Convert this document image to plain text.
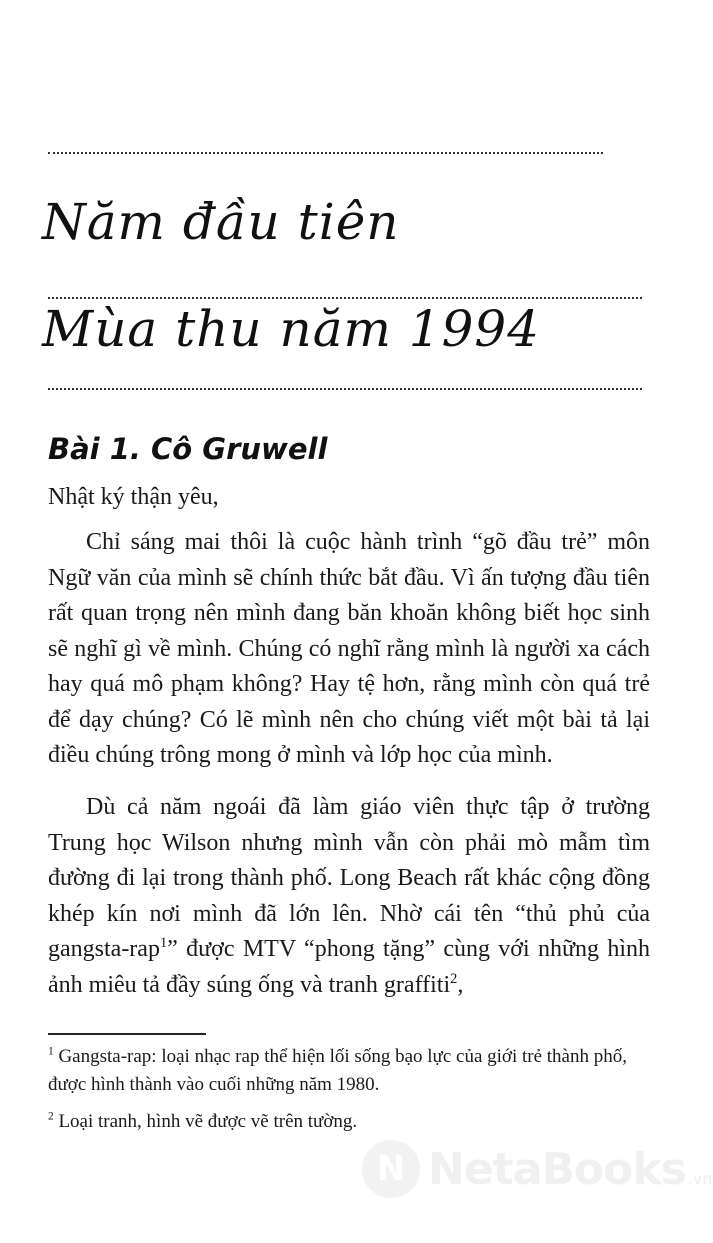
Năm đầu tiên
Mùa thu năm 1994
Bài 1. Cô Gruwell
Nhật ký thận yêu,

Chỉ sáng mai thôi là cuộc hành trình “gõ đầu trẻ” môn Ngữ văn của mình sẽ chính thức bắt đầu. Vì ấn tượng đầu tiên rất quan trọng nên mình đang băn khoăn không biết học sinh sẽ nghĩ gì về mình. Chúng có nghĩ rằng mình là người xa cách hay quá mô phạm không? Hay tệ hơn, rằng mình còn quá trẻ để dạy chúng? Có lẽ mình nên cho chúng viết một bài tả lại điều chúng trông mong ở mình và lớp học của mình.

Dù cả năm ngoái đã làm giáo viên thực tập ở trường Trung học Wilson nhưng mình vẫn còn phải mò mẫm tìm đường đi lại trong thành phố. Long Beach rất khác cộng đồng khép kín nơi mình đã lớn lên. Nhờ cái tên “thủ phủ của gangsta-rap$^1$” được MTV “phong tặng” cùng với những hình ảnh miêu tả đầy súng ống và tranh graffiti$^2$,

$^1$ Gangsta-rap: loại nhạc rap thể hiện lối sống bạo lực của giới trẻ thành phố, được hình thành vào cuối những năm 1980.

$^2$ Loại tranh, hình vẽ được vẽ trên tường.

N NetaBooks .vn
